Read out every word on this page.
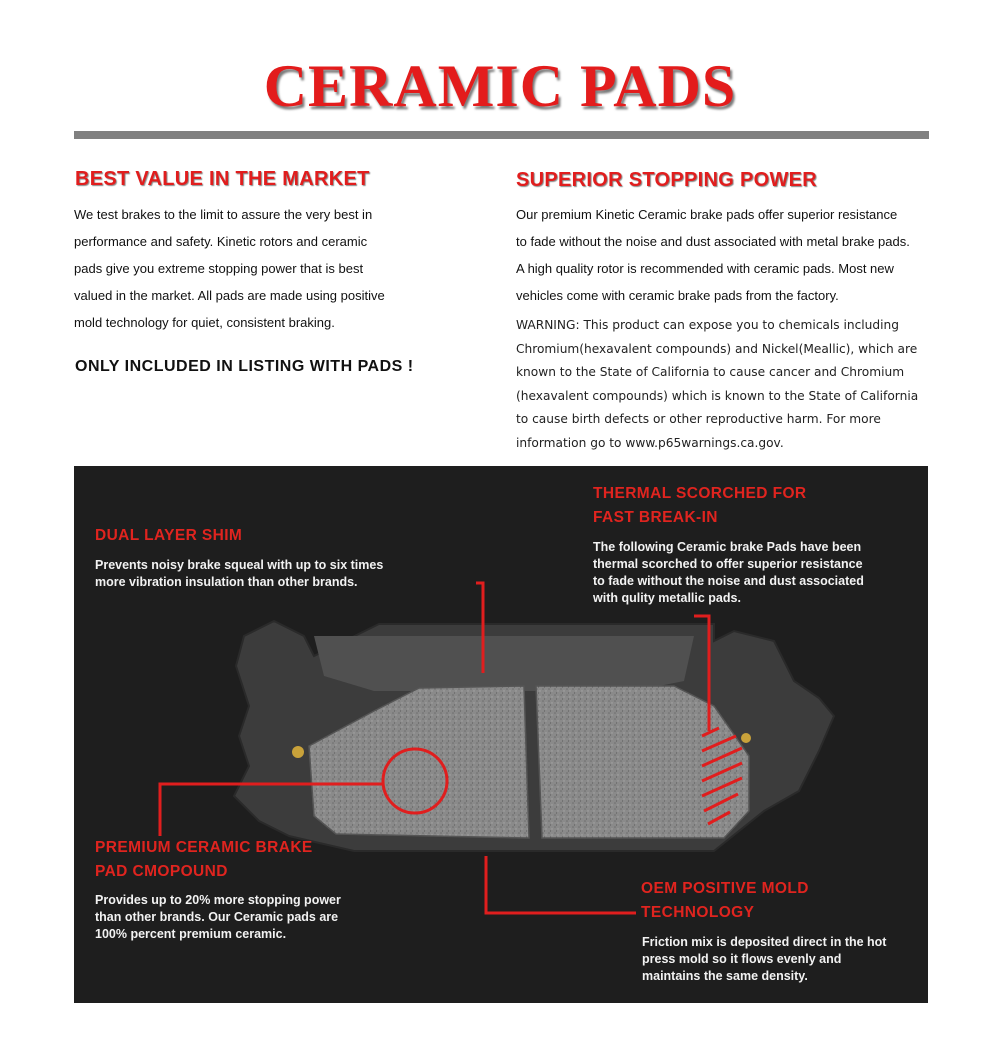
CERAMIC PADS
BEST VALUE IN THE MARKET
We test brakes to the limit to assure the very best in
performance and safety. Kinetic rotors and ceramic
pads give you extreme stopping power that is best
valued in the market. All pads are made using positive
mold technology for quiet, consistent braking.
ONLY INCLUDED IN LISTING WITH PADS !
SUPERIOR STOPPING POWER
Our premium Kinetic Ceramic brake pads offer superior resistance
to fade without the noise and dust associated with metal brake pads.
A high quality rotor is recommended with ceramic pads. Most new
vehicles come with ceramic brake pads from the factory.
WARNING: This product can expose you to chemicals including
Chromium(hexavalent compounds) and Nickel(Meallic), which are
known to the State of California to cause cancer and Chromium
(hexavalent compounds) which is known to the State of California
to cause birth defects or other reproductive harm. For more
information go to www.p65warnings.ca.gov.
DUAL LAYER SHIM
Prevents noisy brake squeal with up to six times
more vibration insulation than other brands.
THERMAL SCORCHED FOR
FAST BREAK-IN
The following Ceramic brake Pads have been
thermal scorched to offer superior resistance
to fade without the noise and dust associated
with qulity metallic pads.
PREMIUM CERAMIC BRAKE
PAD CMOPOUND
Provides up to 20% more stopping power
than other brands. Our Ceramic pads are
100% percent premium ceramic.
OEM POSITIVE MOLD
TECHNOLOGY
Friction mix is deposited direct in the hot
press mold so it flows evenly and
maintains the same density.
